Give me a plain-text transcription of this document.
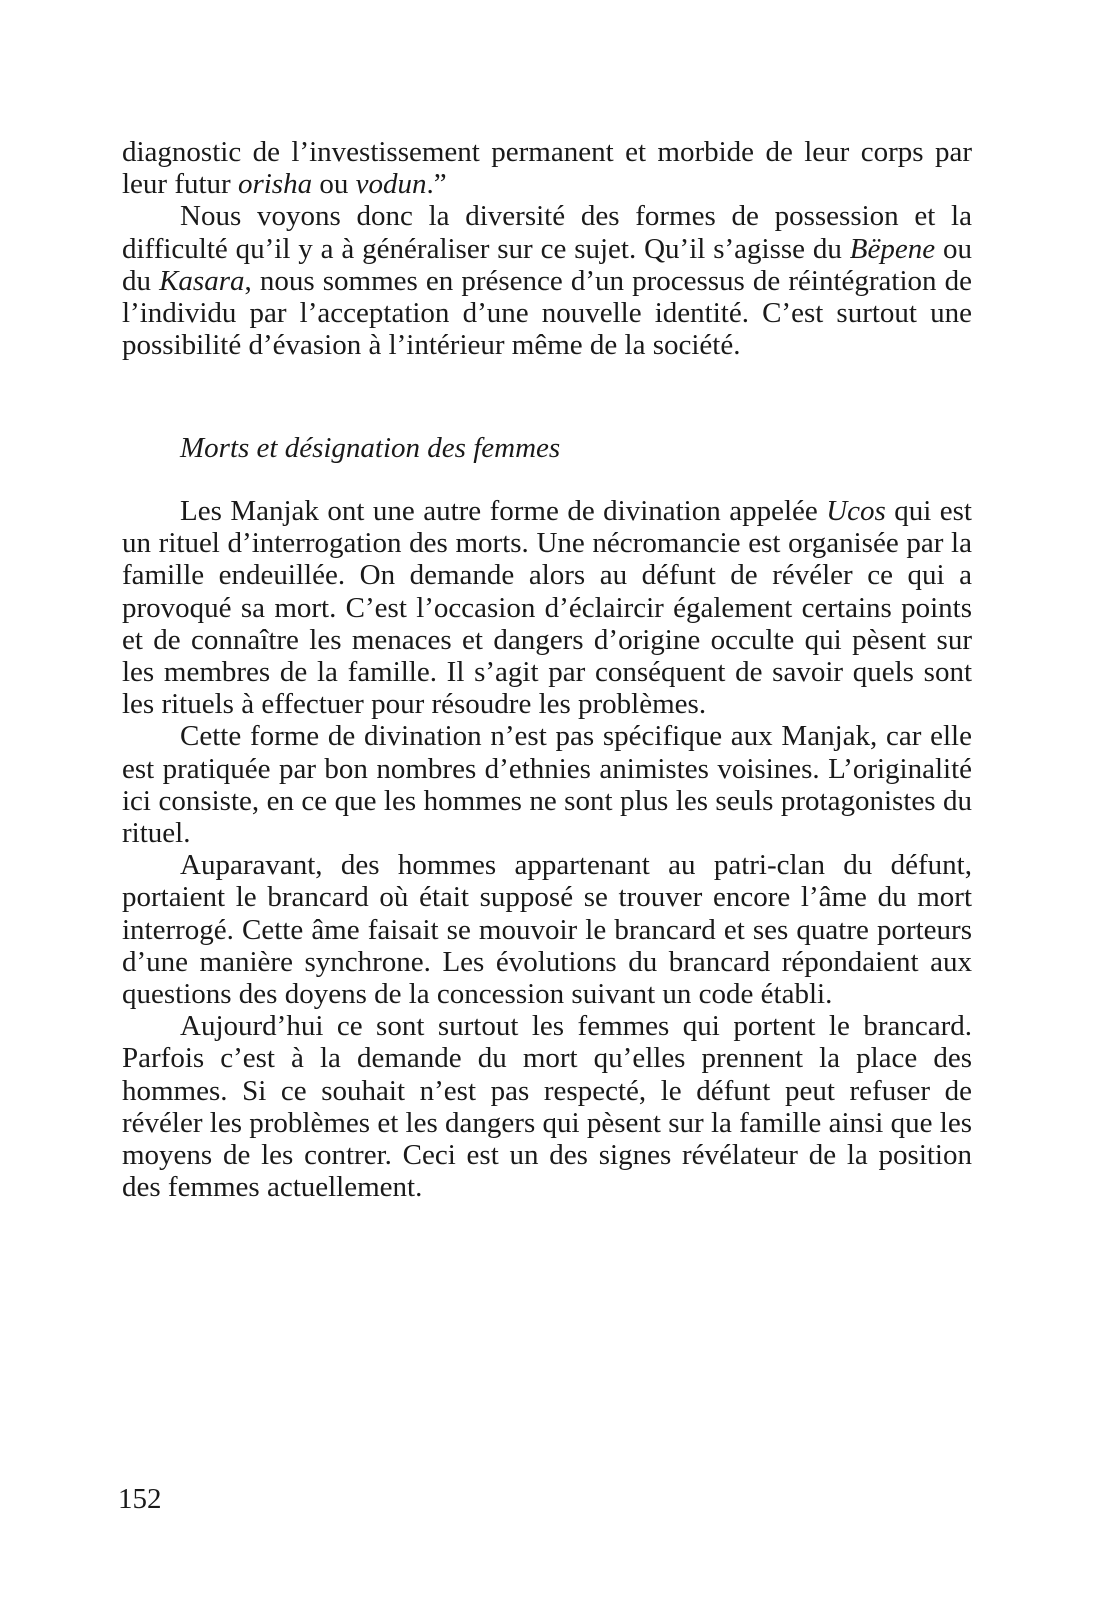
diagnostic de l’investissement permanent et morbide de leur corps par leur futur orisha ou vodun.”

Nous voyons donc la diversité des formes de possession et la difficulté qu’il y a à généraliser sur ce sujet. Qu’il s’agisse du Bëpene ou du Kasara, nous sommes en présence d’un processus de réintégration de l’individu par l’acceptation d’une nouvelle identité. C’est surtout une possibilité d’évasion à l’intérieur même de la société.

Morts et désignation des femmes

Les Manjak ont une autre forme de divination appelée Ucos qui est un rituel d’interrogation des morts. Une nécromancie est organisée par la famille endeuillée. On demande alors au défunt de révéler ce qui a provoqué sa mort. C’est l’occasion d’éclaircir également certains points et de connaître les menaces et dangers d’origine occulte qui pèsent sur les membres de la famille. Il s’agit par conséquent de savoir quels sont les rituels à effectuer pour résoudre les problèmes.

Cette forme de divination n’est pas spécifique aux Manjak, car elle est pratiquée par bon nombres d’ethnies animistes voisines. L’originalité ici consiste, en ce que les hommes ne sont plus les seuls protagonistes du rituel.

Auparavant, des hommes appartenant au patri-clan du défunt, portaient le brancard où était supposé se trouver encore l’âme du mort interrogé. Cette âme faisait se mouvoir le brancard et ses quatre porteurs d’une manière synchrone. Les évolutions du brancard répondaient aux questions des doyens de la concession suivant un code établi.

Aujourd’hui ce sont surtout les femmes qui portent le brancard. Parfois c’est à la demande du mort qu’elles prennent la place des hommes. Si ce souhait n’est pas respecté, le défunt peut refuser de révéler les problèmes et les dangers qui pèsent sur la famille ainsi que les moyens de les contrer. Ceci est un des signes révélateur de la position des femmes actuellement.

152
